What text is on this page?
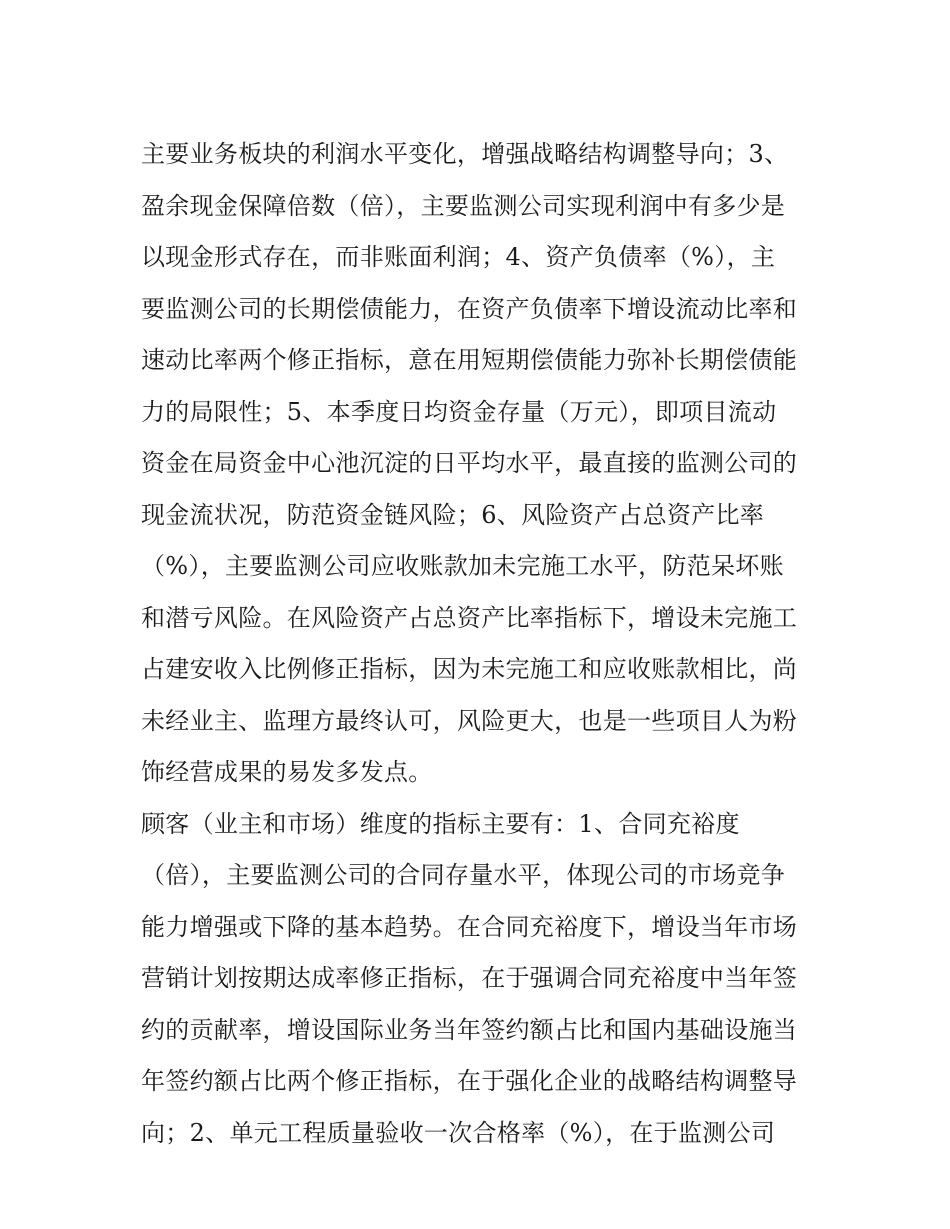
主要业务板块的利润水平变化，增强战略结构调整导向；3、
盈余现金保障倍数（倍），主要监测公司实现利润中有多少是
以现金形式存在，而非账面利润；4、资产负债率（%），主
要监测公司的长期偿债能力，在资产负债率下增设流动比率和
速动比率两个修正指标，意在用短期偿债能力弥补长期偿债能
力的局限性；5、本季度日均资金存量（万元），即项目流动
资金在局资金中心池沉淀的日平均水平，最直接的监测公司的
现金流状况，防范资金链风险；6、风险资产占总资产比率
（%），主要监测公司应收账款加未完施工水平，防范呆坏账
和潜亏风险。在风险资产占总资产比率指标下，增设未完施工
占建安收入比例修正指标，因为未完施工和应收账款相比，尚
未经业主、监理方最终认可，风险更大，也是一些项目人为粉
饰经营成果的易发多发点。
顾客（业主和市场）维度的指标主要有：1、合同充裕度
（倍），主要监测公司的合同存量水平，体现公司的市场竞争
能力增强或下降的基本趋势。在合同充裕度下，增设当年市场
营销计划按期达成率修正指标，在于强调合同充裕度中当年签
约的贡献率，增设国际业务当年签约额占比和国内基础设施当
年签约额占比两个修正指标，在于强化企业的战略结构调整导
向；2、单元工程质量验收一次合格率（%），在于监测公司
